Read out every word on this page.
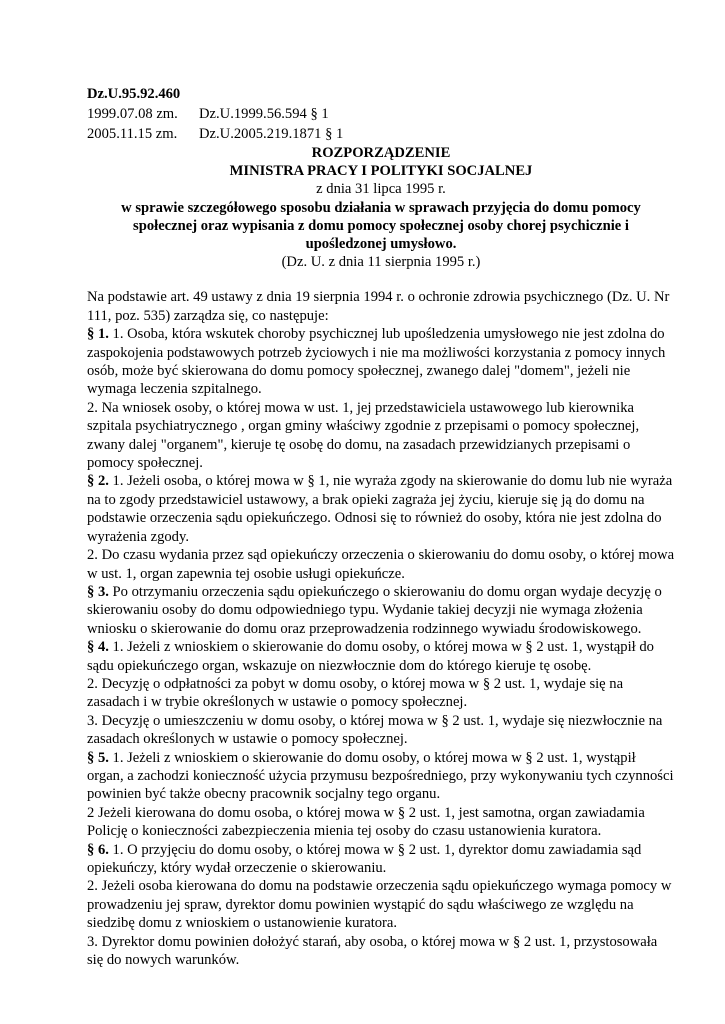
Dz.U.95.92.460
1999.07.08 zm. Dz.U.1999.56.594 § 1
2005.11.15 zm. Dz.U.2005.219.1871 § 1
ROZPORZĄDZENIE
MINISTRA PRACY I POLITYKI SOCJALNEJ
z dnia 31 lipca 1995 r.
w sprawie szczegółowego sposobu działania w sprawach przyjęcia do domu pomocy
społecznej oraz wypisania z domu pomocy społecznej osoby chorej psychicznie i
upośledzonej umysłowo.
(Dz. U. z dnia 11 sierpnia 1995 r.)

Na podstawie art. 49 ustawy z dnia 19 sierpnia 1994 r. o ochronie zdrowia psychicznego (Dz. U. Nr 111, poz. 535) zarządza się, co następuje:

§ 1. 1. Osoba, która wskutek choroby psychicznej lub upośledzenia umysłowego nie jest zdolna do zaspokojenia podstawowych potrzeb życiowych i nie ma możliwości korzystania z pomocy innych osób, może być skierowana do domu pomocy społecznej, zwanego dalej "domem", jeżeli nie wymaga leczenia szpitalnego.

2. Na wniosek osoby, o której mowa w ust. 1, jej przedstawiciela ustawowego lub kierownika szpitala psychiatrycznego , organ gminy właściwy zgodnie z przepisami o pomocy społecznej, zwany dalej "organem", kieruje tę osobę do domu, na zasadach przewidzianych przepisami o pomocy społecznej.

§ 2. 1. Jeżeli osoba, o której mowa w § 1, nie wyraża zgody na skierowanie do domu lub nie wyraża na to zgody przedstawiciel ustawowy, a brak opieki zagraża jej życiu, kieruje się ją do domu na podstawie orzeczenia sądu opiekuńczego. Odnosi się to również do osoby, która nie jest zdolna do wyrażenia zgody.

2. Do czasu wydania przez sąd opiekuńczy orzeczenia o skierowaniu do domu osoby, o której mowa w ust. 1, organ zapewnia tej osobie usługi opiekuńcze.

§ 3. Po otrzymaniu orzeczenia sądu opiekuńczego o skierowaniu do domu organ wydaje decyzję o skierowaniu osoby do domu odpowiedniego typu. Wydanie takiej decyzji nie wymaga złożenia wniosku o skierowanie do domu oraz przeprowadzenia rodzinnego wywiadu środowiskowego.

§ 4. 1. Jeżeli z wnioskiem o skierowanie do domu osoby, o której mowa w § 2 ust. 1, wystąpił do sądu opiekuńczego organ, wskazuje on niezwłocznie dom do którego kieruje tę osobę.

2. Decyzję o odpłatności za pobyt w domu osoby, o której mowa w § 2 ust. 1, wydaje się na zasadach i w trybie określonych w ustawie o pomocy społecznej.

3. Decyzję o umieszczeniu w domu osoby, o której mowa w § 2 ust. 1, wydaje się niezwłocznie na zasadach określonych w ustawie o pomocy społecznej.

§ 5. 1. Jeżeli z wnioskiem o skierowanie do domu osoby, o której mowa w § 2 ust. 1, wystąpił organ, a zachodzi konieczność użycia przymusu bezpośredniego, przy wykonywaniu tych czynności powinien być także obecny pracownik socjalny tego organu.

2 Jeżeli kierowana do domu osoba, o której mowa w § 2 ust. 1, jest samotna, organ zawiadamia Policję o konieczności zabezpieczenia mienia tej osoby do czasu ustanowienia kuratora.

§ 6. 1. O przyjęciu do domu osoby, o której mowa w § 2 ust. 1, dyrektor domu zawiadamia sąd opiekuńczy, który wydał orzeczenie o skierowaniu.

2. Jeżeli osoba kierowana do domu na podstawie orzeczenia sądu opiekuńczego wymaga pomocy w prowadzeniu jej spraw, dyrektor domu powinien wystąpić do sądu właściwego ze względu na siedzibę domu z wnioskiem o ustanowienie kuratora.

3. Dyrektor domu powinien dołożyć starań, aby osoba, o której mowa w § 2 ust. 1, przystosowała się do nowych warunków.
